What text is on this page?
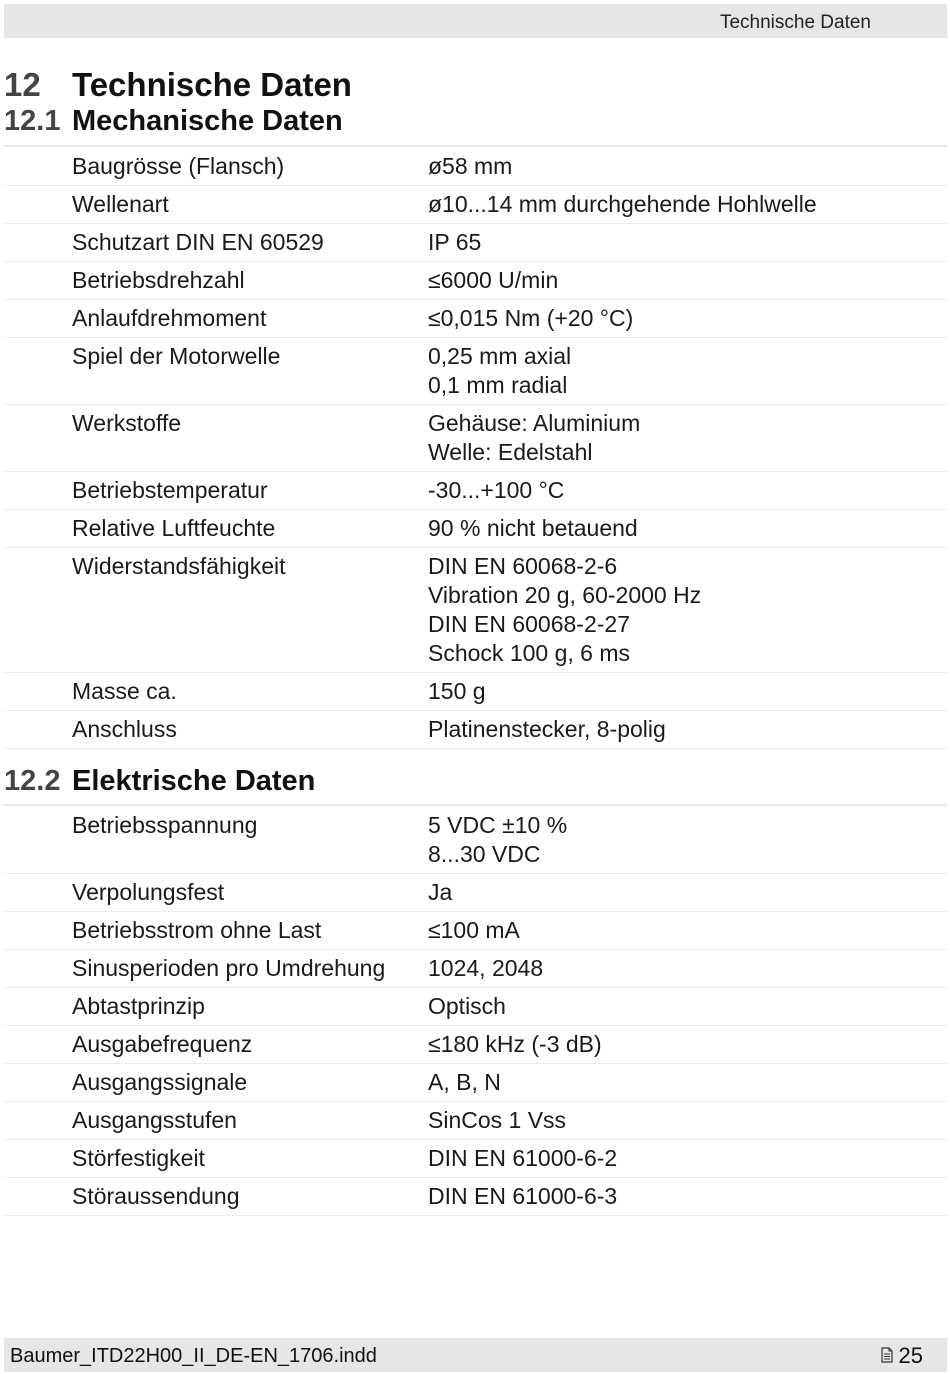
Technische Daten
12 Technische Daten
12.1 Mechanische Daten
Baugrösse (Flansch)	ø58 mm
Wellenart	ø10...14 mm durchgehende Hohlwelle
Schutzart DIN EN 60529	IP 65
Betriebsdrehzahl	≤6000 U/min
Anlaufdrehmoment	≤0,015 Nm (+20 °C)
Spiel der Motorwelle	0,25 mm axial
0,1 mm radial
Werkstoffe	Gehäuse: Aluminium
Welle: Edelstahl
Betriebstemperatur	-30...+100 °C
Relative Luftfeuchte	90 % nicht betauend
Widerstandsfähigkeit	DIN EN 60068-2-6
Vibration 20 g, 60-2000 Hz
DIN EN 60068-2-27
Schock 100 g, 6 ms
Masse ca.	150 g
Anschluss	Platinenstecker, 8-polig
12.2 Elektrische Daten
Betriebsspannung	5 VDC ±10 %
8...30 VDC
Verpolungsfest	Ja
Betriebsstrom ohne Last	≤100 mA
Sinusperioden pro Umdrehung	1024, 2048
Abtastprinzip	Optisch
Ausgabefrequenz	≤180 kHz (-3 dB)
Ausgangssignale	A, B, N
Ausgangsstufen	SinCos 1 Vss
Störfestigkeit	DIN EN 61000-6-2
Störaussendung	DIN EN 61000-6-3
Baumer_ITD22H00_II_DE-EN_1706.indd	25
